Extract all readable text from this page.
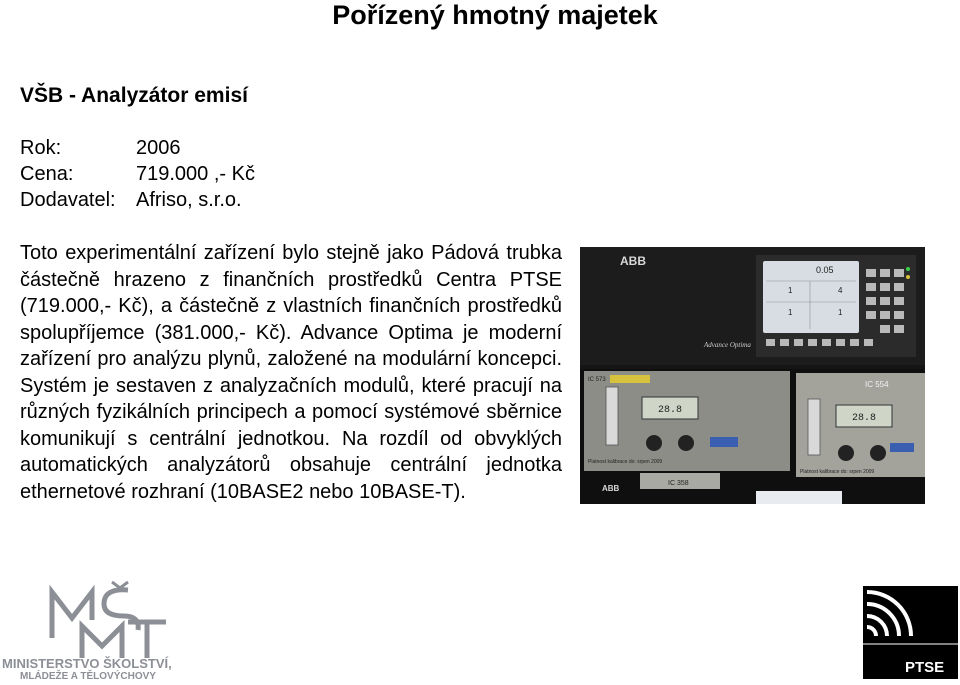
Pořízený hmotný majetek
VŠB - Analyzátor emisí
Rok:	2006
Cena:	719.000 ,- Kč
Dodavatel:	Afriso, s.r.o.

Toto experimentální zařízení bylo stejně jako Pádová trubka částečně hrazeno z finančních prostředků Centra PTSE (719.000,- Kč), a částečně z vlastních finančních prostředků spolupříjemce (381.000,- Kč). Advance Optima je moderní zařízení pro analýzu plynů, založené na modulární koncepci. Systém je sestaven z analyzačních modulů, které pracují na různých fyzikálních principech a pomocí systémové sběrnice komunikují s centrální jednotkou. Na rozdíl od obvyklých automatických analyzátorů obsahuje centrální jednotka ethernetové rozhraní (10BASE2 nebo 10BASE-T).

ABB
0.05
1	4
1	1
Advance Optima
IC 573	IC 554
28.8
28.8
Platnost kalibrace do: srpen 2009
Platnost kalibrace do: srpen 2009
IC 358
ABB
MINISTERSTVO ŠKOLSTVÍ,
MLÁDEŽE A TĚLOVÝCHOVY
PTSE
